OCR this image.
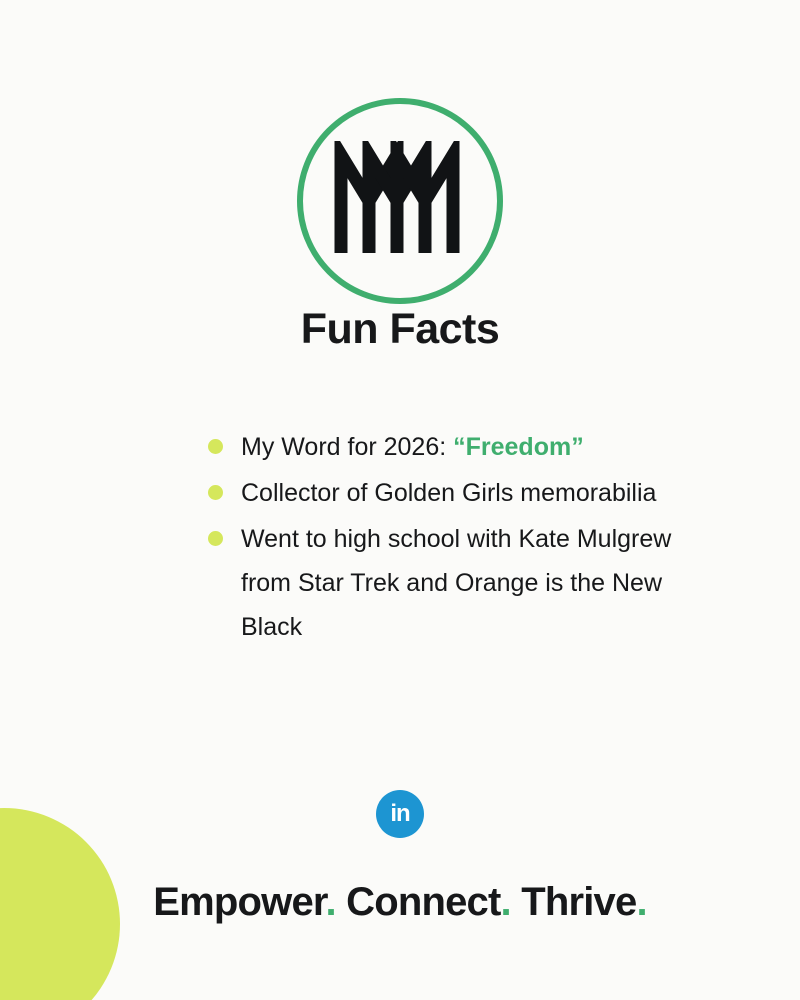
Fun Facts
My Word for 2026: “Freedom”
Collector of Golden Girls memorabilia
Went to high school with Kate Mulgrew from Star Trek and Orange is the New Black
in
Empower. Connect. Thrive.
